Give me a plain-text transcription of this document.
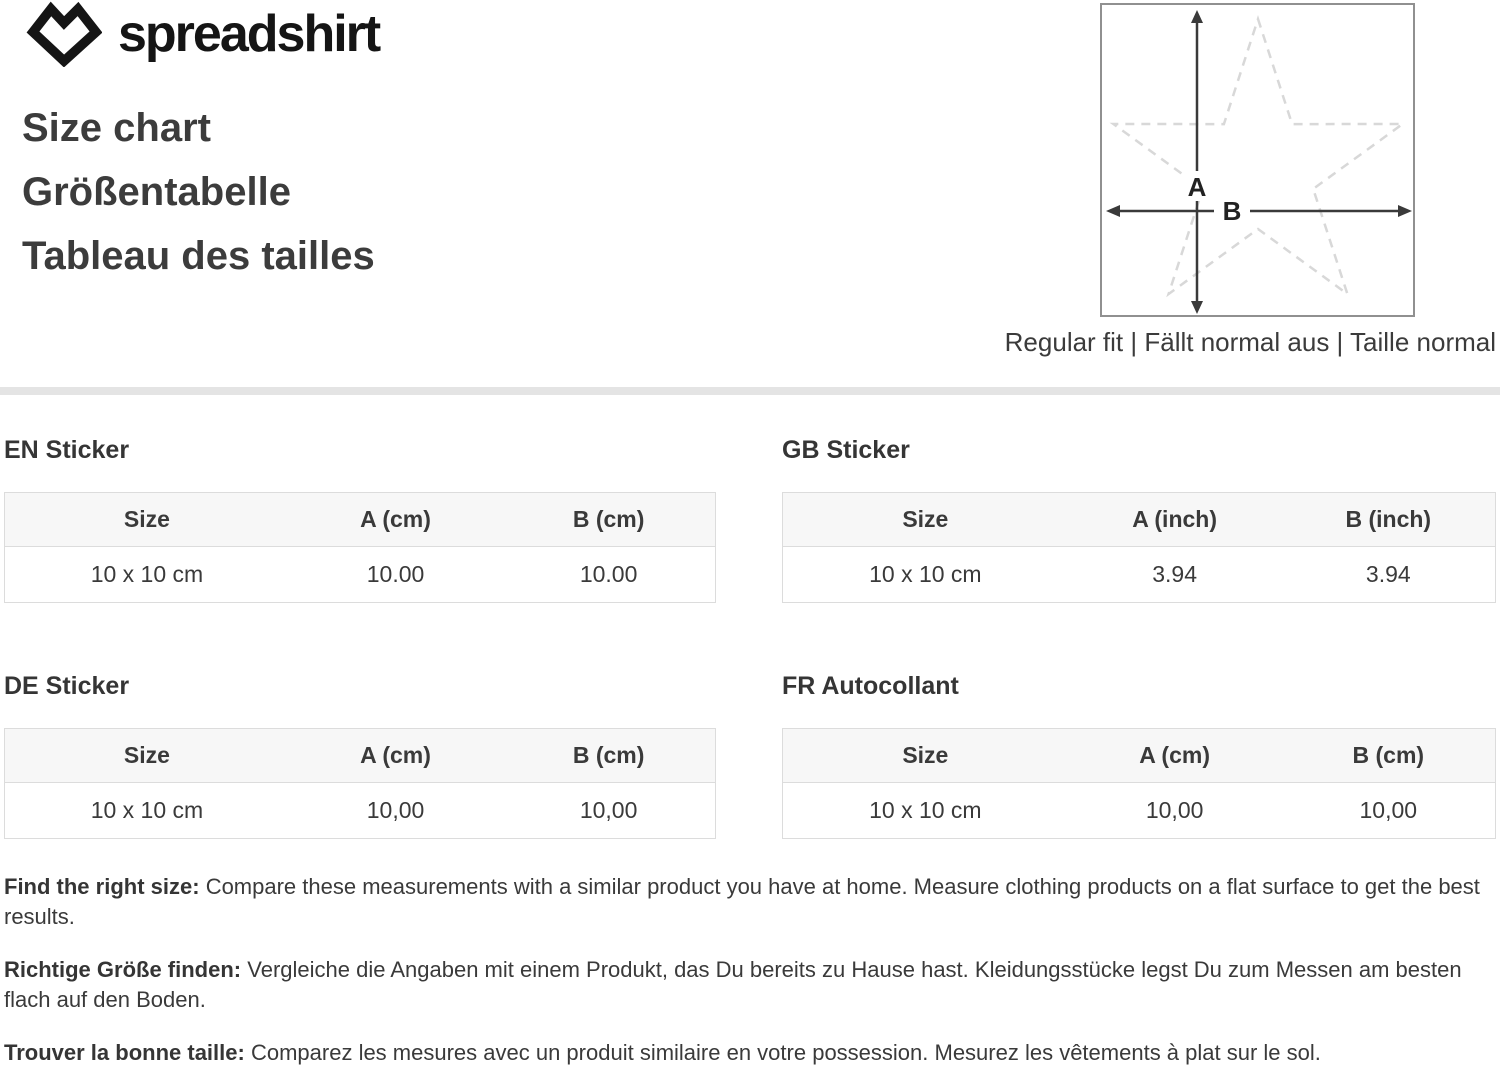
spreadshirt
Size chart
Größentabelle
Tableau des tailles
A
B
Regular fit | Fällt normal aus | Taille normal
EN Sticker
Size	A (cm)	B (cm)
10 x 10 cm	10.00	10.00
GB Sticker
Size	A (inch)	B (inch)
10 x 10 cm	3.94	3.94
DE Sticker
Size	A (cm)	B (cm)
10 x 10 cm	10,00	10,00
FR Autocollant
Size	A (cm)	B (cm)
10 x 10 cm	10,00	10,00

Find the right size: Compare these measurements with a similar product you have at home. Measure clothing products on a flat surface to get the best results.

Richtige Größe finden: Vergleiche die Angaben mit einem Produkt, das Du bereits zu Hause hast. Kleidungsstücke legst Du zum Messen am besten flach auf den Boden.

Trouver la bonne taille: Comparez les mesures avec un produit similaire en votre possession. Mesurez les vêtements à plat sur le sol.
